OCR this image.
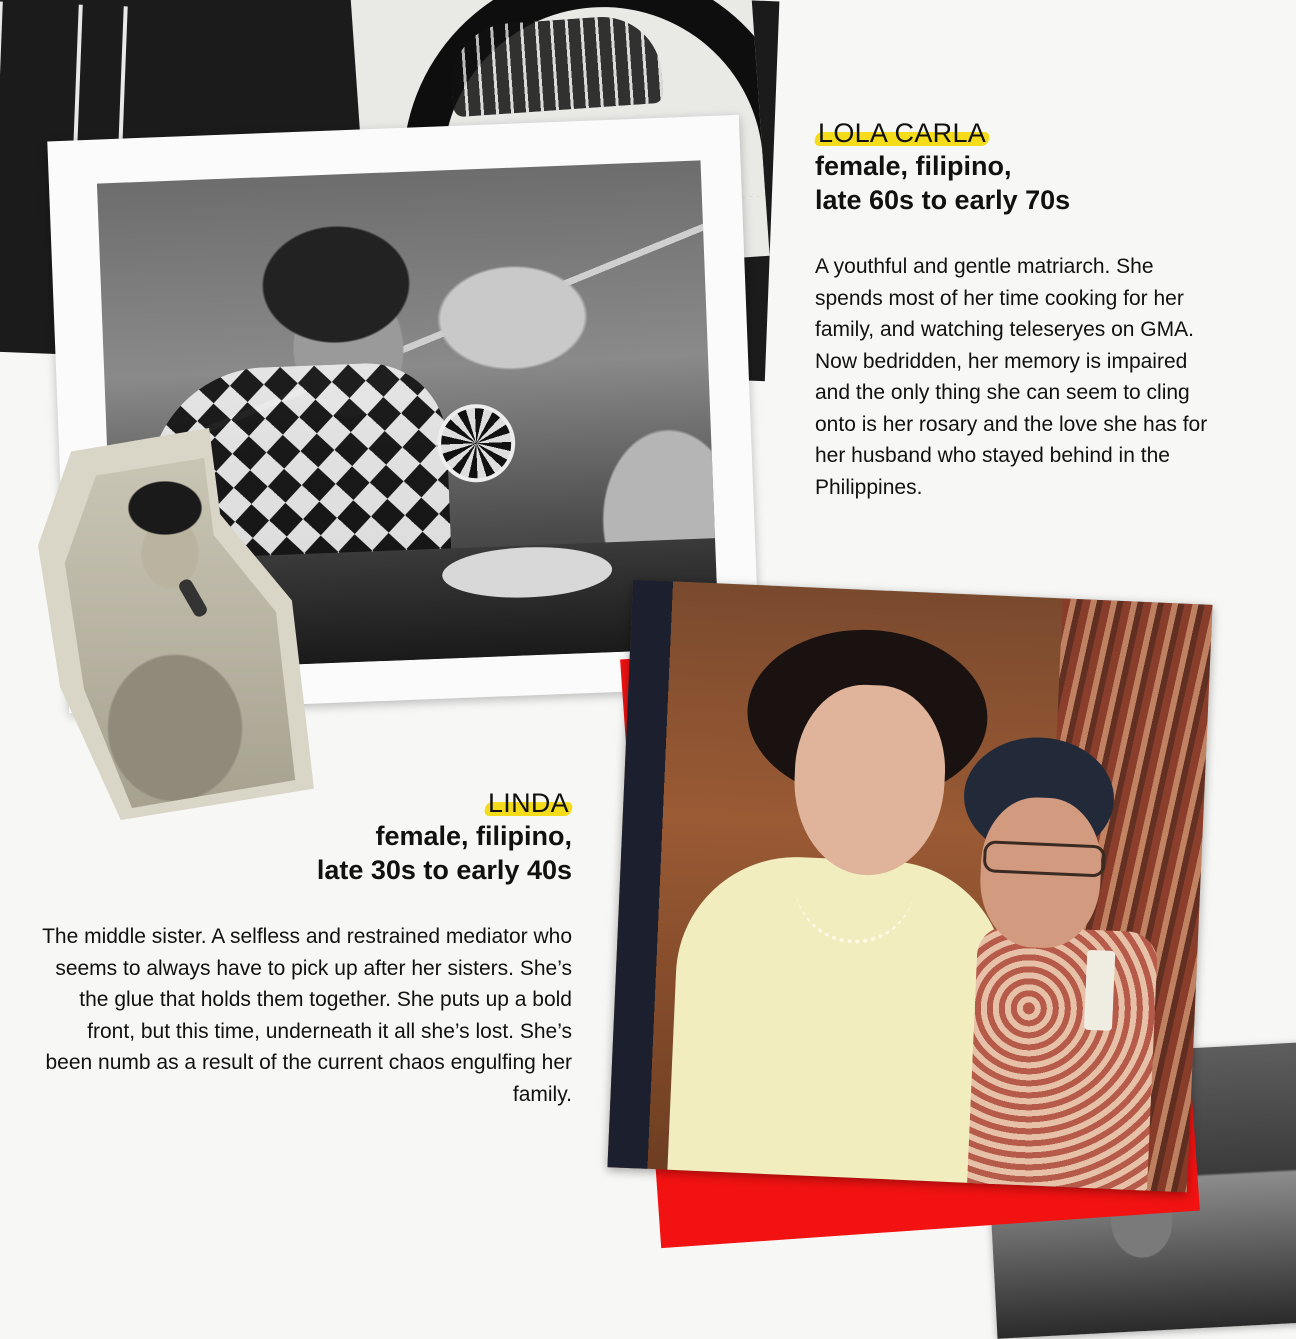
LOLA CARLA
female, filipino,
late 60s to early 70s
A youthful and gentle matriarch. She spends most of her time cooking for her family, and watching teleseryes on GMA. Now bedridden, her memory is impaired and the only thing she can seem to cling onto is her rosary and the love she has for her husband who stayed behind in the Philippines.
LINDA
female, filipino,
late 30s to early 40s
The middle sister. A selfless and restrained mediator who seems to always have to pick up after her sisters. She’s the glue that holds them together. She puts up a bold front, but this time, underneath it all she’s lost. She’s been numb as a result of the current chaos engulfing her family.
